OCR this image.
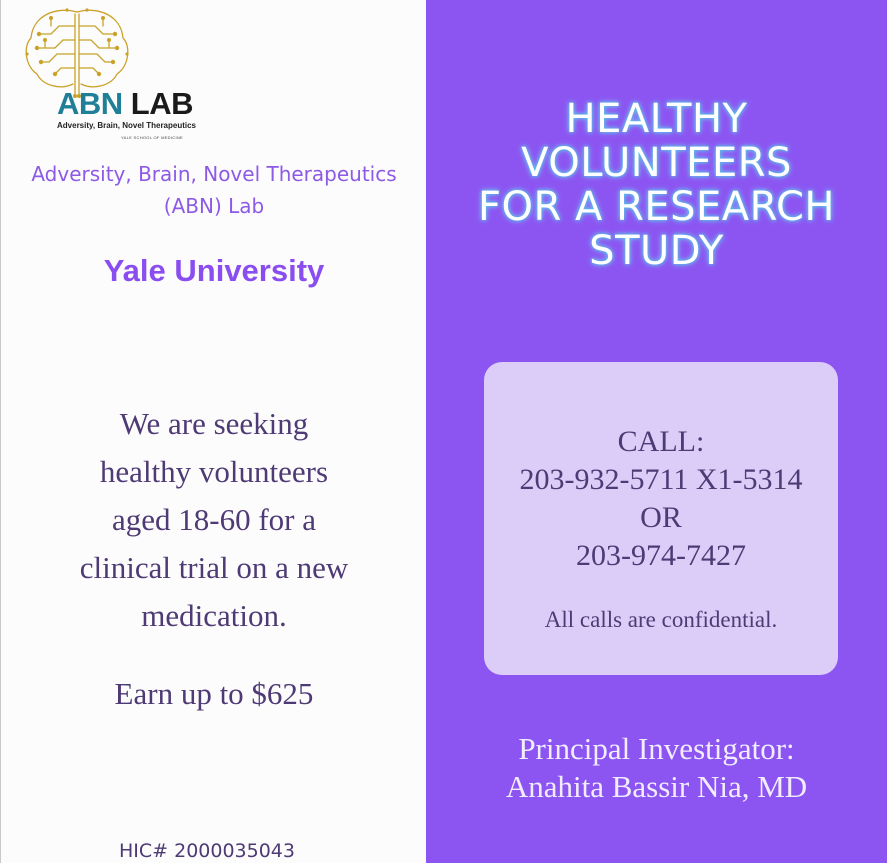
ABN LAB
Adversity, Brain, Novel Therapeutics
YALE SCHOOL OF MEDICINE
Adversity, Brain, Novel Therapeutics
(ABN) Lab
Yale University
We are seeking
healthy volunteers
aged 18-60 for a
clinical trial on a new
medication.
Earn up to $625
HIC# 2000035043
HEALTHY
VOLUNTEERS
FOR A RESEARCH
STUDY
CALL:
203-932-5711 X1-5314
OR
203-974-7427
All calls are confidential.
Principal Investigator:
Anahita Bassir Nia, MD
